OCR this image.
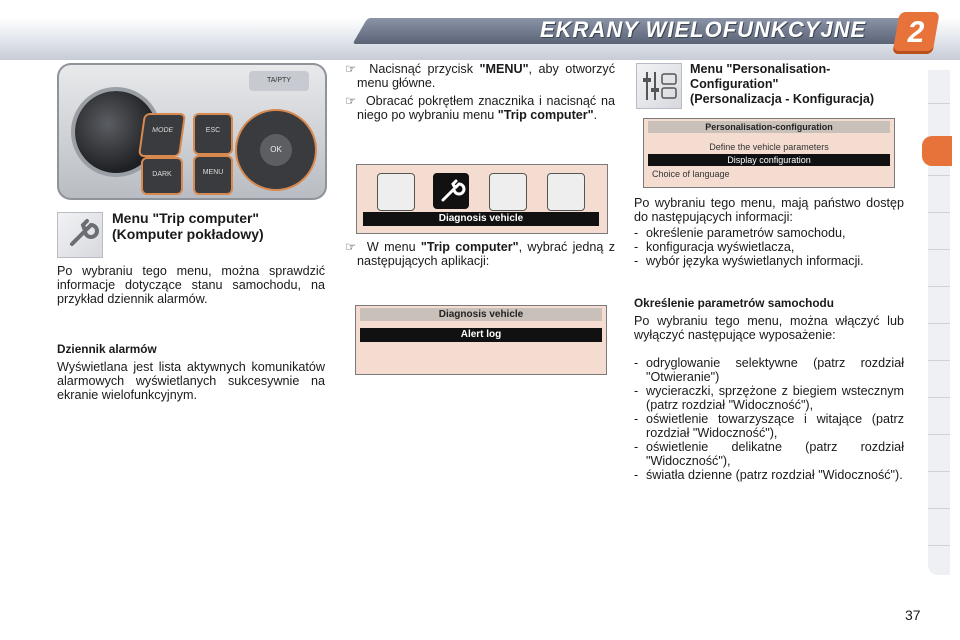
EKRANY WIELOFUNKCYJNE	2
MODE
DARK
ESC
MENU
OK
TA/PTY
Menu "Trip computer"
(Komputer pokładowy)
Po wybraniu tego menu, można sprawdzić informacje dotyczące stanu samochodu, na przykład dziennik alarmów.
Dziennik alarmów
Wyświetlana jest lista aktywnych komunikatów alarmowych wyświetlanych sukcesywnie na ekranie wielofunkcyjnym.
☞  Nacisnąć przycisk "MENU", aby otworzyć menu główne.
☞  Obracać pokrętłem znacznika i nacisnąć na niego po wybraniu menu "Trip computer".
Diagnosis vehicle
☞  W menu "Trip computer", wybrać jedną z następujących aplikacji:
Diagnosis vehicle
Alert log
Menu "Personalisation-
Configuration"
(Personalizacja - Konfiguracja)
Personalisation-configuration
Define the vehicle parameters
Display configuration
Choice of language
Po wybraniu tego menu, mają państwo dostęp do następujących informacji:
- określenie parametrów samochodu,
- konfiguracja wyświetlacza,
- wybór języka wyświetlanych informacji.
Określenie parametrów samochodu
Po wybraniu tego menu, można włączyć lub wyłączyć następujące wyposażenie:
- odryglowanie selektywne (patrz rozdział "Otwieranie")
- wycieraczki, sprzężone z biegiem wstecznym (patrz rozdział "Widoczność"),
- oświetlenie towarzyszące i witające (patrz rozdział "Widoczność"),
- oświetlenie delikatne (patrz rozdział "Widoczność"),
- światła dzienne (patrz rozdział "Widoczność").
37
